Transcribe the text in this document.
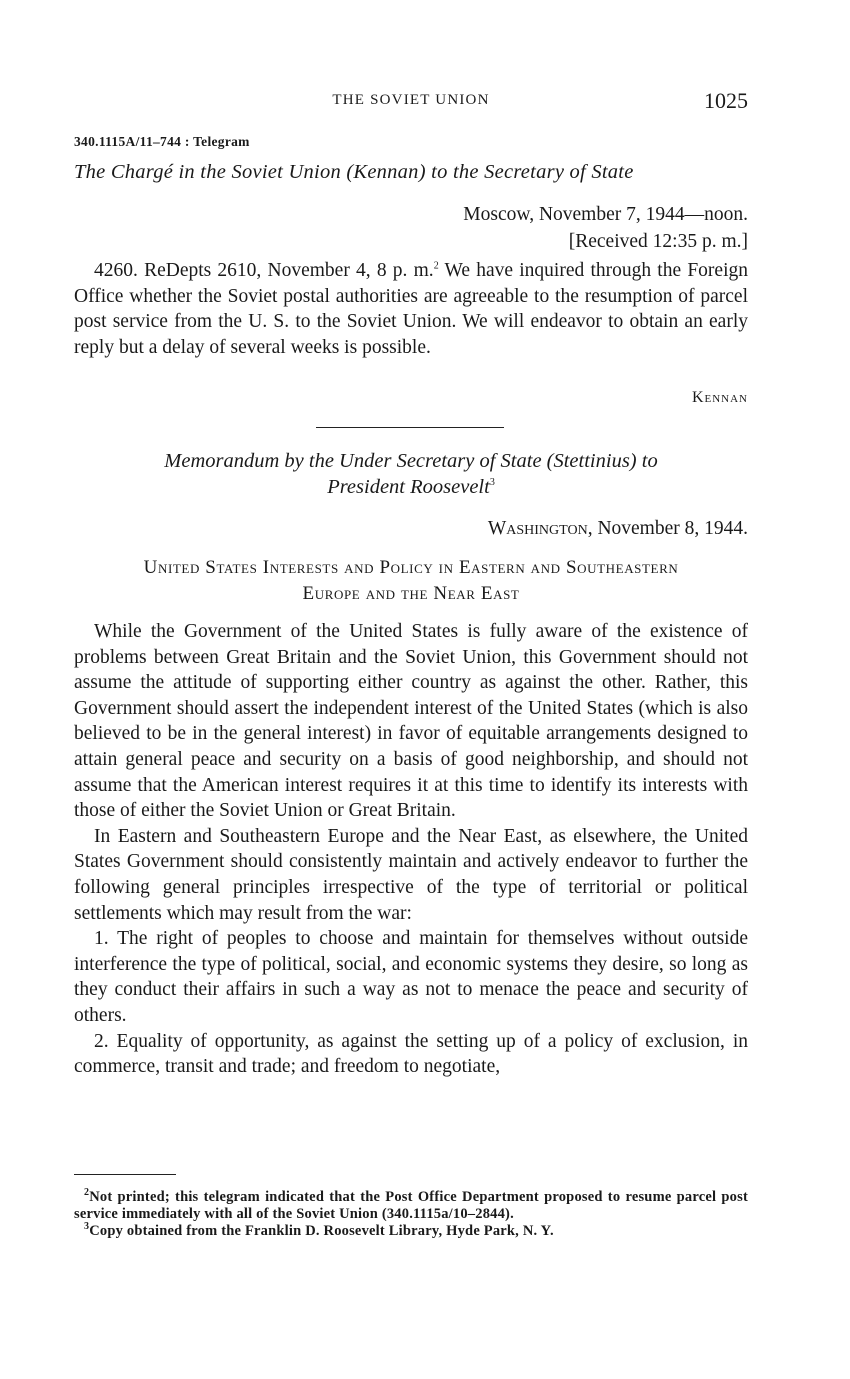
THE SOVIET UNION	1025
340.1115A/11–744 : Telegram
The Chargé in the Soviet Union (Kennan) to the Secretary of State
Moscow, November 7, 1944—noon.
[Received 12:35 p. m.]

4260. ReDepts 2610, November 4, 8 p. m.$^2$ We have inquired through the Foreign Office whether the Soviet postal authorities are agreeable to the resumption of parcel post service from the U. S. to the Soviet Union. We will endeavor to obtain an early reply but a delay of several weeks is possible.

Kennan
Memorandum by the Under Secretary of State (Stettinius) to
President Roosevelt$^3$
Washington, November 8, 1944.
United States Interests and Policy in Eastern and Southeastern
Europe and the Near East

While the Government of the United States is fully aware of the existence of problems between Great Britain and the Soviet Union, this Government should not assume the attitude of supporting either country as against the other. Rather, this Government should assert the independent interest of the United States (which is also believed to be in the general interest) in favor of equitable arrangements designed to attain general peace and security on a basis of good neighborship, and should not assume that the American interest requires it at this time to identify its interests with those of either the Soviet Union or Great Britain.

In Eastern and Southeastern Europe and the Near East, as elsewhere, the United States Government should consistently maintain and actively endeavor to further the following general principles irrespective of the type of territorial or political settlements which may result from the war:

1. The right of peoples to choose and maintain for themselves without outside interference the type of political, social, and economic systems they desire, so long as they conduct their affairs in such a way as not to menace the peace and security of others.

2. Equality of opportunity, as against the setting up of a policy of exclusion, in commerce, transit and trade; and freedom to negotiate,

$^2$Not printed; this telegram indicated that the Post Office Department proposed to resume parcel post service immediately with all of the Soviet Union (340.1115a/10–2844).

$^3$Copy obtained from the Franklin D. Roosevelt Library, Hyde Park, N. Y.
